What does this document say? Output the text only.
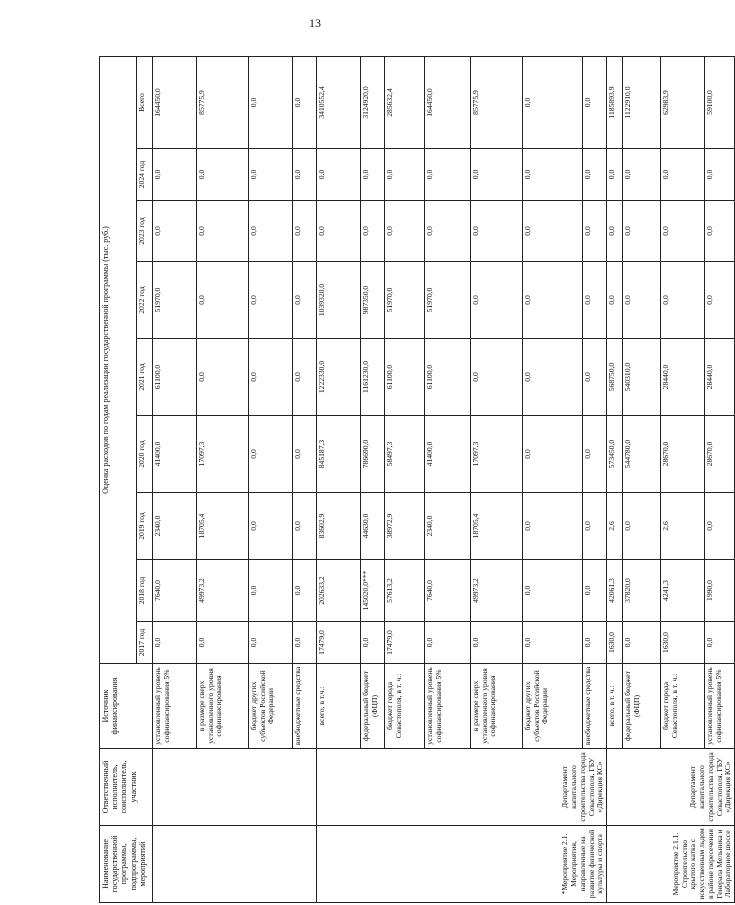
13
Наименование государственной программы, подпрограммы, мероприятий	Ответственный исполнитель, соисполнитель, участник	Источник финансирования	Оценка расходов по годам реализации государственной программы (тыс. руб.)								
			2017 год	2018 год	2019 год	2020 год	2021 год	2022 год	2023 год	2024 год	Всего
		установленный уровень софинансирования 5%	0,0	7640,0	2340,0	41400,0	61100,0	51970,0	0,0	0,0	164450,0
		в размере сверх установленного уровня софинансирования	0,0	49973,2	18705,4	17097,3	0,0	0,0	0,0	0,0	85775,9
		бюджет других субъектов Российской Федерации	0,0	0,0	0,0	0,0	0,0	0,0	0,0	0,0	0,0
		внебюджетные средства	0,0	0,0	0,0	0,0	0,0	0,0	0,0	0,0	0,0
*Мероприятие 2.1. Мероприятия, направленные на развитие физической культуры и спорта	Департамент капитального строительства города Севастополя, ГБУ «Дирекция КС»	всего, в т.ч.:	17479,0	202633,2	83602,9	845187,3	1222330,0	1039320,0	0,0	0,0	3410552,4
		федеральный бюджет (ФЦП)	0,0	145020,0***	44630,0	786690,0	1161230,0	987350,0	0,0	0,0	3124920,0
		бюджет города Севастополя, в т. ч.:	17479,0	57613,2	38972,9	58497,3	61100,0	51970,0	0,0	0,0	285632,4
		установленный уровень софинансирования 5%	0,0	7640,0	2340,0	41400,0	61100,0	51970,0	0,0	0,0	164450,0
		в размере сверх установленного уровня софинансирования	0,0	49973,2	18705,4	17097,3	0,0	0,0	0,0	0,0	85775,9
		бюджет других субъектов Российской Федерации	0,0	0,0	0,0	0,0	0,0	0,0	0,0	0,0	0,0
		внебюджетные средства	0,0	0,0	0,0	0,0	0,0	0,0	0,0	0,0	0,0
Мероприятие 2.1.1. Строительство крытого катка с искусственным льдом в районе пересечения Генерала Мельника и Лабораторное шоссе	Департамент капитального строительства города Севастополя, ГБУ «Дирекция КС»	всего, в т. ч.:	1630,0	42061,3	2,6	573450,0	568750,0	0,0	0,0	0,0	1185893,9
		федеральный бюджет (ФЦП)	0,0	37820,0	0,0	544780,0	540310,0	0,0	0,0	0,0	1122910,0
		бюджет города Севастополя, в т. ч.:	1630,0	4241,3	2,6	28670,0	28440,0	0,0	0,0	0,0	62983,9
		установленный уровень софинансирования 5%	0,0	1990,0	0,0	28670,0	28440,0	0,0	0,0	0,0	59100,0
